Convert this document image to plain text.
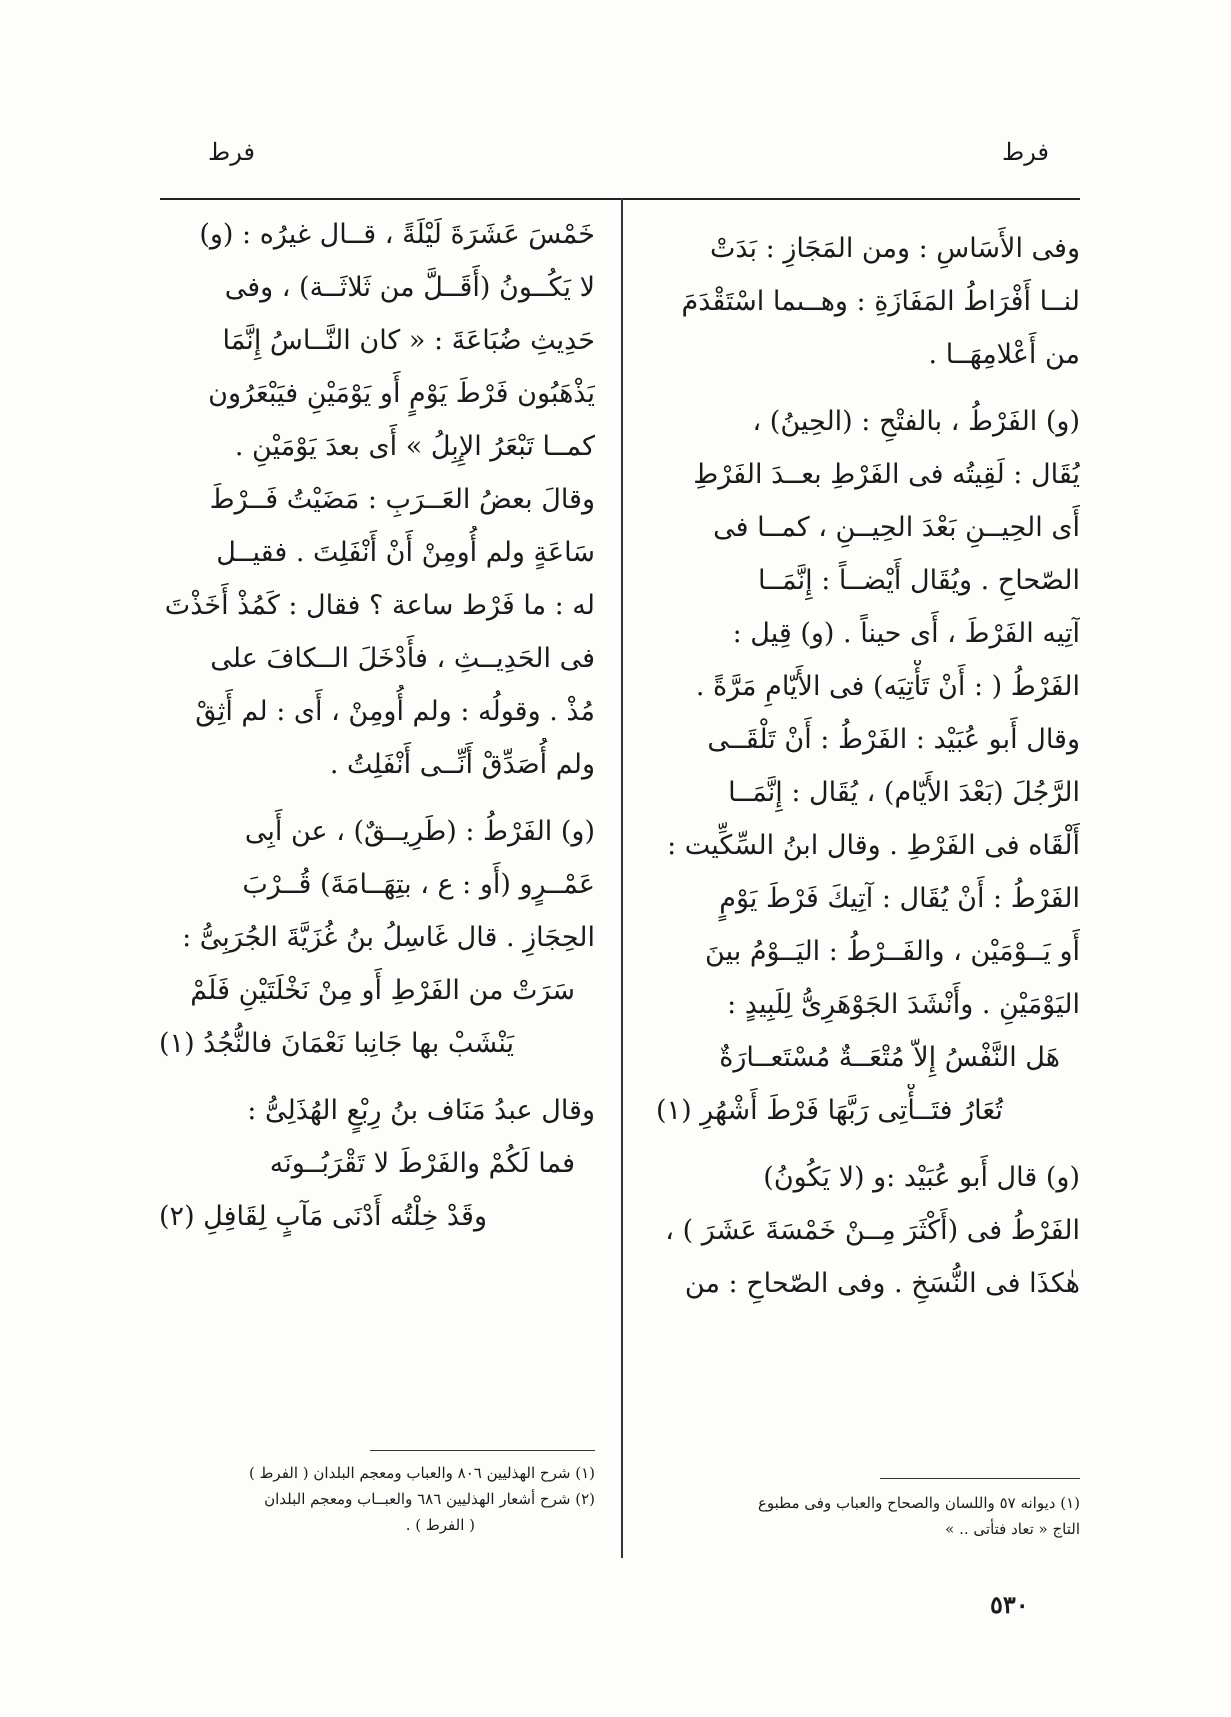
فرط	فرط
وفى الأَسَاسِ : ومن المَجَازِ : بَدَتْ
لنــا أَفْرَاطُ المَفَازَةِ : وهــىما اسْتَقْدَمَ
من أَعْلامِهَــا .
(و) الفَرْطُ ، بالفتْحِ : (الحِينُ) ،
يُقَال : لَقِيتُه فى الفَرْطِ بعــدَ الفَرْطِ
أَى الحِيــنِ بَعْدَ الحِيــنِ ، كمــا فى
الصّحاحِ . ويُقَال أَيْضــاً : إِنَّمَــا
آتِيه الفَرْطَ ، أَى حيناً . (و) قِيل :
الفَرْطُ ( : أَنْ تَأْتِيَه) فى الأَيّامِ مَرَّةً .
وقال أَبو عُبَيْد : الفَرْطُ : أَنْ تَلْقَــى
الرَّجُلَ (بَعْدَ الأَيّام) ، يُقَال : إِنَّمَــا
أَلْقَاه فى الفَرْطِ . وقال ابنُ السِّكِّيت :
الفَرْطُ : أَنْ يُقَال : آتِيكَ فَرْطَ يَوْمٍ
أَو يَــوْمَيْن ، والفَــرْطُ : اليَــوْمُ بينَ
اليَوْمَيْنِ . وأَنْشَدَ الجَوْهَرِىُّ لِلَبِيدٍ :
هَل النَّفْسُ إِلاّ مُتْعَــةٌ مُسْتَعــارَةٌ
تُعَارُ فتَــأْتِى رَبَّهَا فَرْطَ أَشْهُرِ (١)
(و) قال أَبو عُبَيْد :و (لا يَكُونُ)
الفَرْطُ فى (أَكْثَرَ مِــنْ خَمْسَةَ عَشَرَ ) ،
هٰكذَا فى النُّسَخِ . وفى الصّحاحِ : من
(١) ديوانه ٥٧ واللسان والصحاح والعباب وفى مطبوع
التاج « تعاد فتأتى .. »
خَمْسَ عَشَرَةَ لَيْلَةً ، قــال غيرُه : (و)
لا يَكُــونُ (أَقَــلَّ من ثَلاثَــة) ، وفى
حَدِيثِ ضُبَاعَةَ : « كان النَّــاسُ إِنَّمَا
يَذْهَبُون فَرْطَ يَوْمٍ أَو يَوْمَيْنِ فيَبْعَرُون
كمــا تَبْعَرُ الإِبِلُ » أَى بعدَ يَوْمَيْنِ .
وقالَ بعضُ العَــرَبِ : مَضَيْتُ فَــرْطَ
سَاعَةٍ ولم أُومِنْ أَنْ أَنْفَلِتَ . فقيــل
له : ما فَرْط ساعة ؟ فقال : كَمُذْ أَخَذْتَ
فى الحَدِيــثِ ، فأَدْخَلَ الــكافَ على
مُذْ . وقولُه : ولم أُومِنْ ، أَى : لم أَثِقْ
ولم أُصَدِّقْ أَنِّــى أَنْفَلِتُ .
(و) الفَرْطُ : (طَرِيــقٌ) ، عن أَبِى
عَمْــرٍو (أَو : ع ، بتِهَــامَةَ) قُــرْبَ
الحِجَازِ . قال غَاسِلُ بنُ غُزَيَّةَ الجُرَبِىُّ :
سَرَتْ من الفَرْطِ أَو مِنْ نَخْلَتَيْنِ فَلَمْ
يَنْشَبْ بها جَانِبا نَعْمَانَ فالنُّجُدُ (١)
وقال عبدُ مَنَاف بنُ رِبْعٍ الهُذَلِىُّ :
فما لَكُمْ والفَرْطَ لا تَقْرَبُــونَه
وقَدْ خِلْتُه أَدْنَى مَآبٍ لِقَافِلِ (٢)
(١) شرح الهذليين ٨٠٦ والعباب ومعجم البلدان ( الفرط )
(٢) شرح أشعار الهذليين ٦٨٦ والعبــاب ومعجم البلدان
( الفرط ) .
٥٣٠
